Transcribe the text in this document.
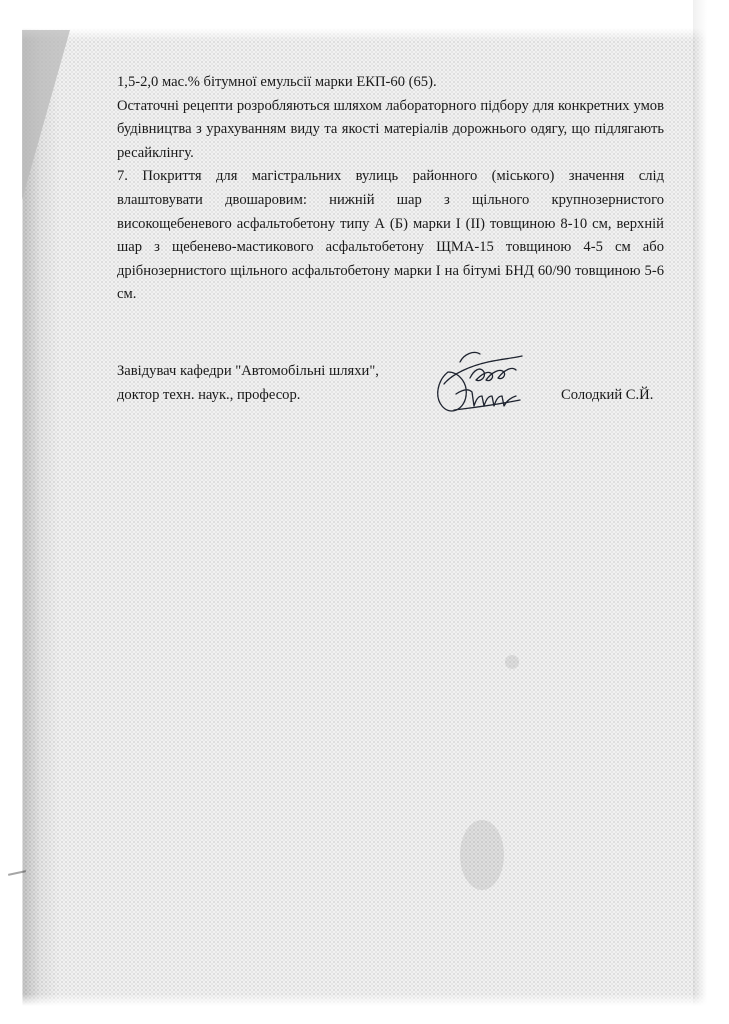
1,5-2,0 мас.% бітумної емульсії марки ЕКП-60 (65).

Остаточні рецепти розробляються шляхом лабораторного підбору для конкретних умов будівництва з урахуванням виду та якості матеріалів дорожнього одягу, що підлягають ресайклінгу.

7. Покриття для магістральних вулиць районного (міського) значення слід влаштовувати двошаровим: нижній шар з щільного крупнозернистого високощебеневого асфальтобетону типу А (Б) марки І (ІІ) товщиною 8-10 см, верхній шар з щебенево-мастикового асфальтобетону ЩМА-15 товщиною 4-5 см або дрібнозернистого щільного асфальтобетону марки І на бітумі БНД 60/90 товщиною 5-6 см.

Завідувач кафедри "Автомобільні шляхи",
доктор техн. наук., професор.	Солодкий С.Й.
